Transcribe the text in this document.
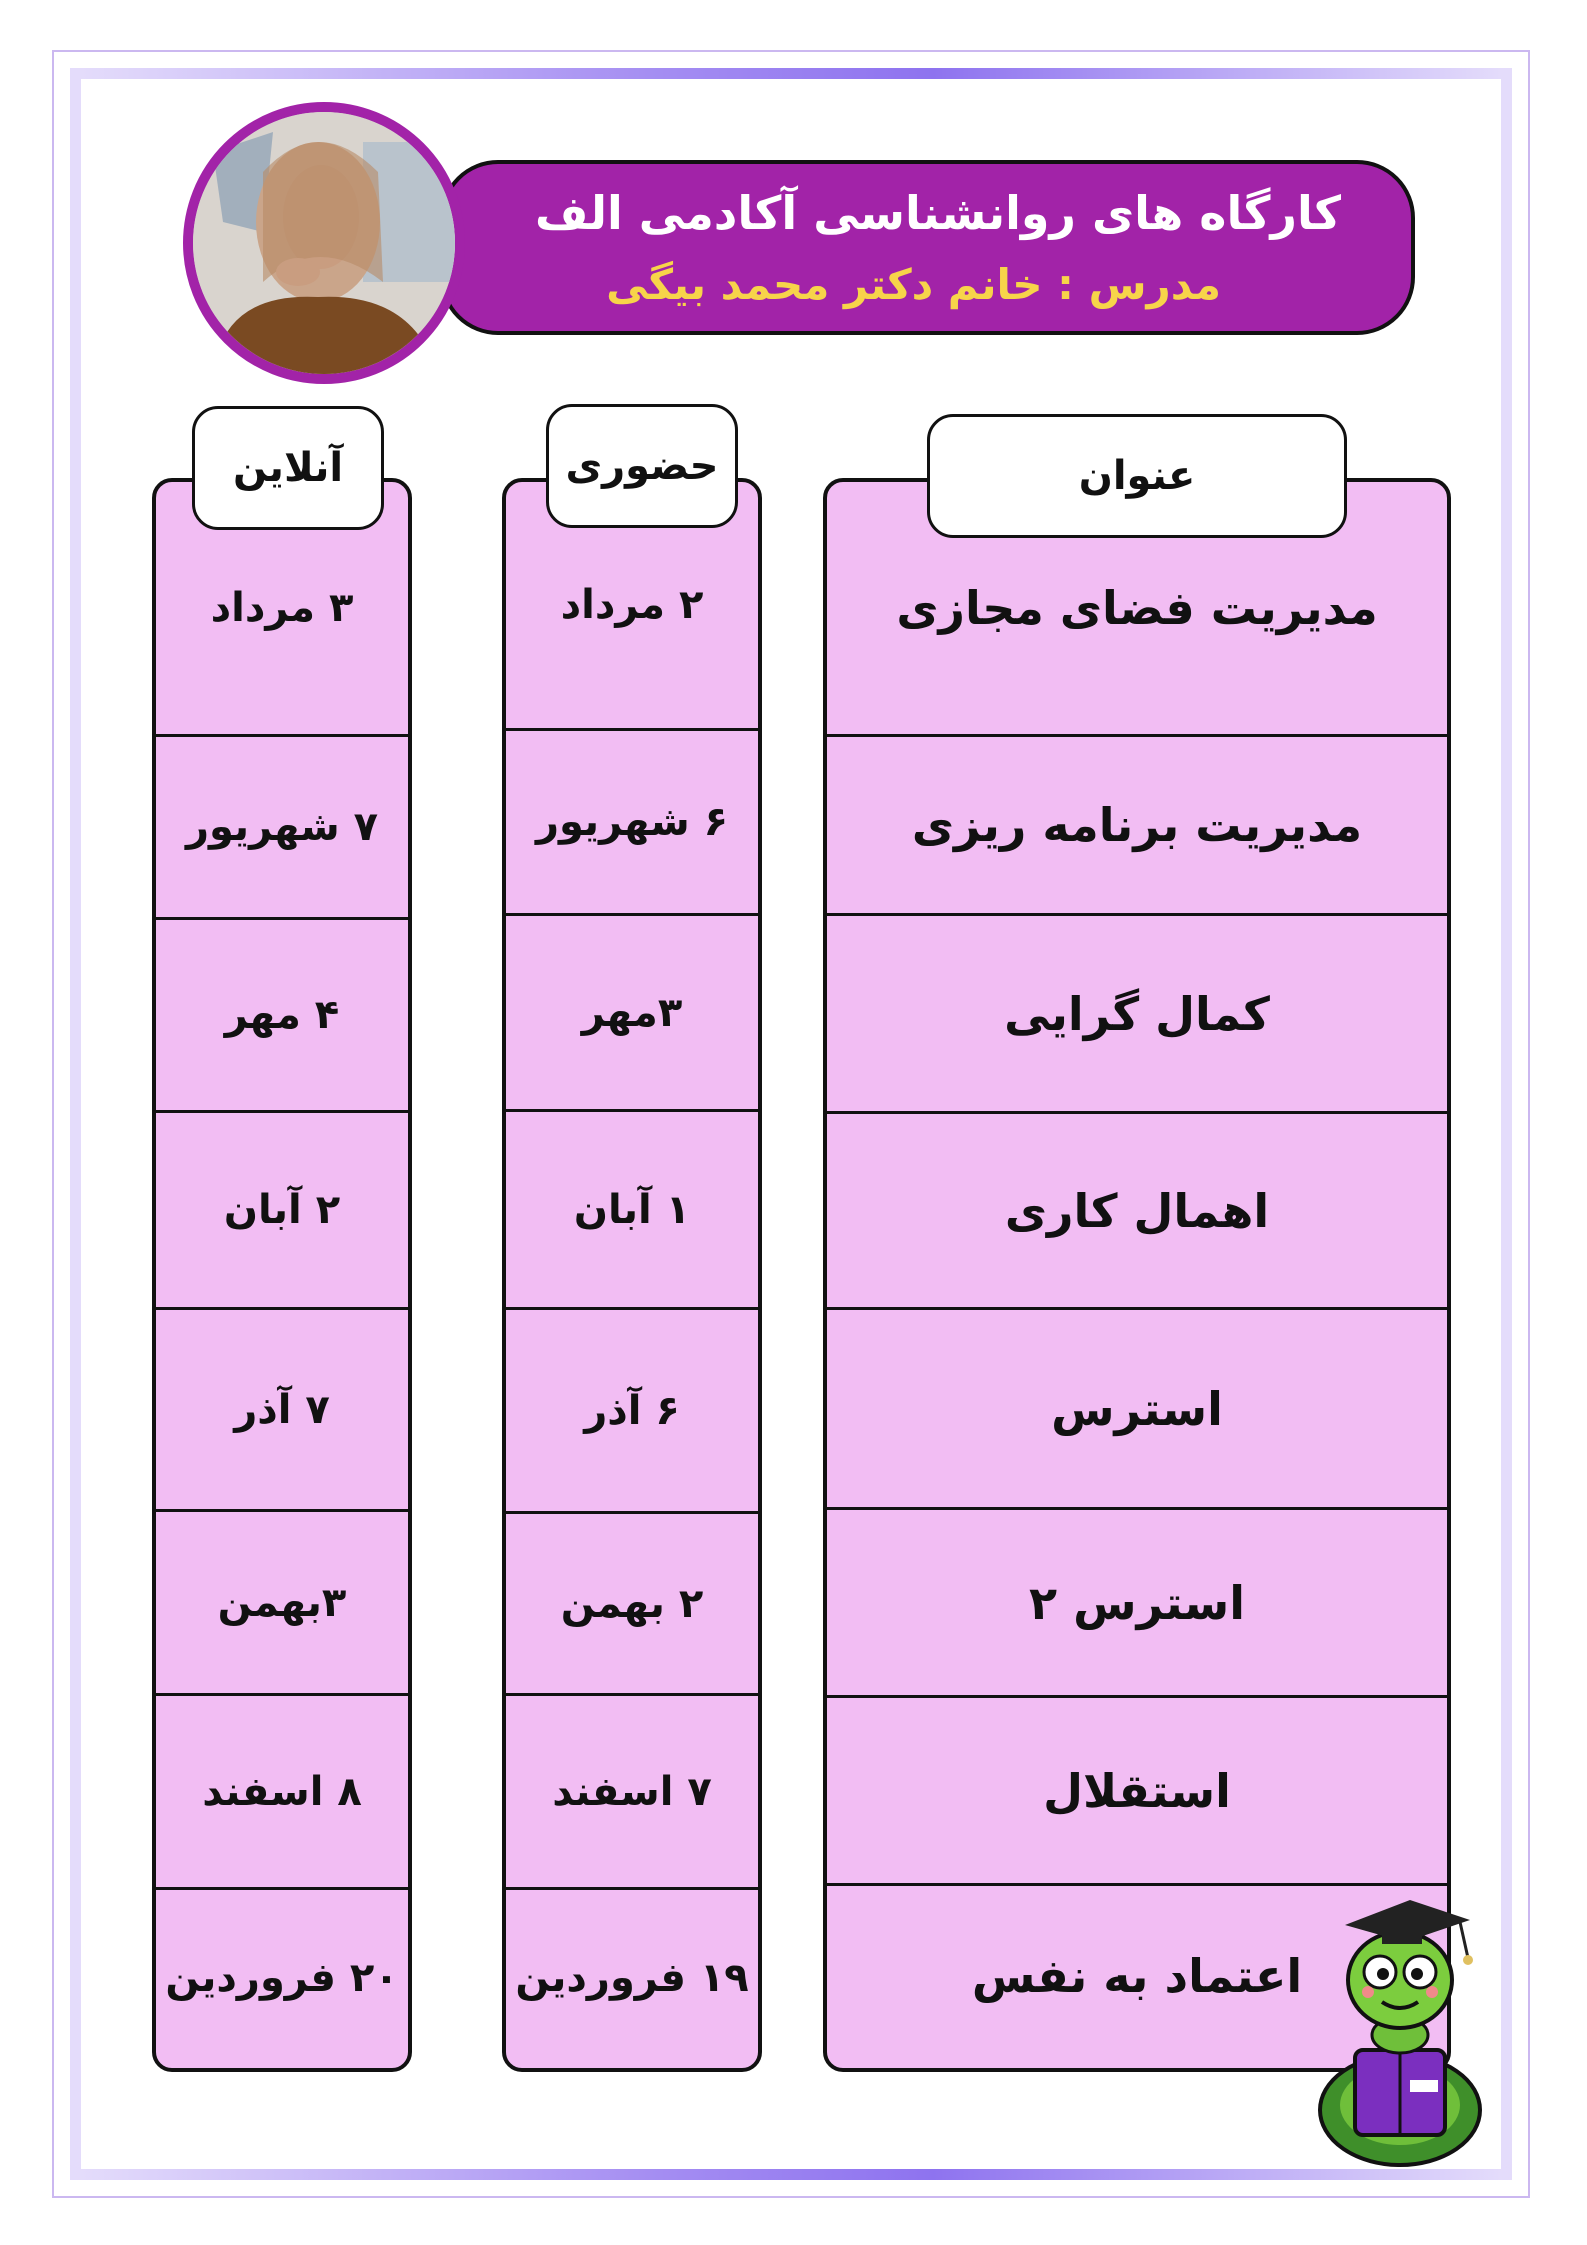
کارگاه های روانشناسی آکادمی الف
مدرس : خانم دکتر محمد بیگی
مدیریت فضای مجازی
مدیریت برنامه ریزی
کمال گرایی
اهمال کاری
استرس
استرس ۲
استقلال
اعتماد به نفس
عنوان
۲ مرداد
۶ شهریور
۳مهر
۱ آبان
۶ آذر
۲ بهمن
۷ اسفند
۱۹ فروردین
حضوری
۳ مرداد
۷ شهریور
۴ مهر
۲ آبان
۷ آذر
۳بهمن
۸ اسفند
۲۰ فروردین
آنلاین
